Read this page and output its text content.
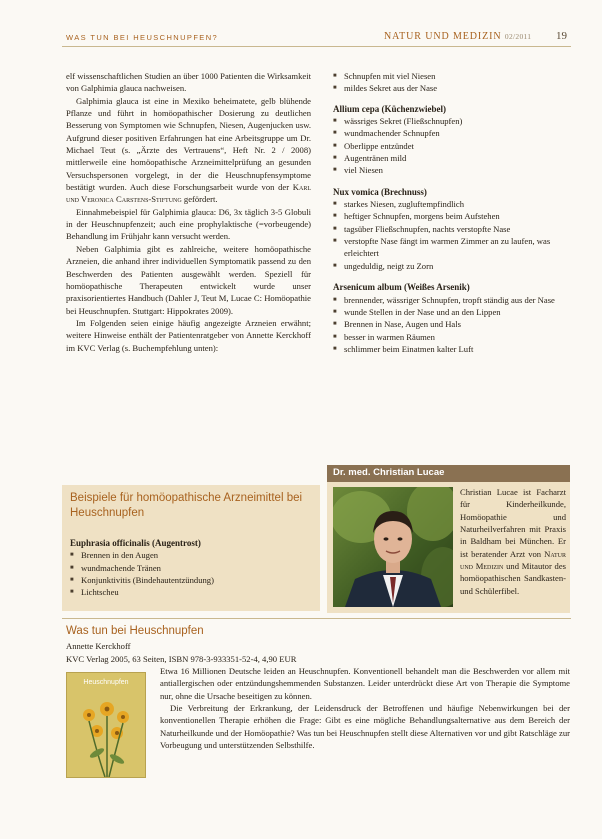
WAS TUN BEI HEUSCHNUPFEN?	NATUR UND MEDIZIN 02/2011 19

elf wissenschaftlichen Studien an über 1000 Patienten die Wirksamkeit von Galphimia glauca nachweisen.

Galphimia glauca ist eine in Mexiko beheimatete, gelb blühende Pflanze und führt in homöopathischer Dosierung zu deutlichen Besserung von Symptomen wie Schnupfen, Niesen, Augenjucken usw. Aufgrund dieser positiven Erfahrungen hat eine Arbeitsgruppe um Dr. Michael Teut (s. „Ärzte des Vertrauens“, Heft Nr. 2 / 2008) mittlerweile eine homöopathische Arzneimittelprüfung an gesunden Versuchspersonen vorgelegt, in der die Heuschnupfensymptome bestätigt wurden. Auch diese Forschungsarbeit wurde von der Karl und Veronica Carstens-Stiftung gefördert.

Einnahmebeispiel für Galphimia glauca: D6, 3x täglich 3-5 Globuli in der Heuschnupfenzeit; auch eine prophylaktische (=vorbeugende) Behandlung im Frühjahr kann versucht werden.

Neben Galphimia gibt es zahlreiche, weitere homöopathische Arzneien, die anhand ihrer individuellen Symptomatik passend zu den Beschwerden des Patienten ausgewählt werden. Speziell für homöopathische Therapeuten entwickelt wurde unser praxisorientiertes Handbuch (Dahler J, Teut M, Lucae C: Homöopathie bei Heuschnupfen. Stuttgart: Hippokrates 2009).

Im Folgenden seien einige häufig angezeigte Arzneien erwähnt; weitere Hinweise enthält der Patientenratgeber von Annette Kerckhoff im KVC Verlag (s. Buchempfehlung unten):

Beispiele für homöopathische Arzneimittel bei Heuschnupfen
Euphrasia officinalis (Augentrost)
■ Brennen in den Augen
■ wundmachende Tränen
■ Konjunktivitis (Bindehautentzündung)
■ Lichtscheu
■ Schnupfen mit viel Niesen
■ mildes Sekret aus der Nase
Allium cepa (Küchenzwiebel)
■ wässriges Sekret (Fließschnupfen)
■ wundmachender Schnupfen
■ Oberlippe entzündet
■ Augentränen mild
■ viel Niesen
Nux vomica (Brechnuss)
■ starkes Niesen, zugluftempfindlich
■ heftiger Schnupfen, morgens beim Aufstehen
■ tagsüber Fließschnupfen, nachts verstopfte Nase
■ verstopfte Nase fängt im warmen Zimmer an zu laufen, was erleichtert
■ ungeduldig, neigt zu Zorn
Arsenicum album (Weißes Arsenik)
■ brennender, wässriger Schnupfen, tropft ständig aus der Nase
■ wunde Stellen in der Nase und an den Lippen
■ Brennen in Nase, Augen und Hals
■ besser in warmen Räumen
■ schlimmer beim Einatmen kalter Luft
Dr. med. Christian Lucae
Christian Lucae ist Facharzt für Kinderheilkunde, Homöopathie und Naturheilverfahren mit Praxis in Baldham bei München. Er ist beratender Arzt von Natur und Medizin und Mitautor des homöopathischen Sandkasten- und Schülerfibel.
Was tun bei Heuschnupfen
Annette Kerckhoff
KVC Verlag 2005, 63 Seiten, ISBN 978-3-933351-52-4, 4,90 EUR
Heuschnupfen

Etwa 16 Millionen Deutsche leiden an Heuschnupfen. Konventionell behandelt man die Beschwerden vor allem mit antiallergischen oder entzündungshemmenden Substanzen. Leider unterdrückt diese Art von Therapie die Symptome nur, ohne die Ursache beseitigen zu können.

Die Verbreitung der Erkrankung, der Leidensdruck der Betroffenen und häufige Nebenwirkungen bei der konventionellen Therapie erhöhen die Frage: Gibt es eine mögliche Behandlungsalternative aus dem Bereich der Naturheilkunde und der Homöopathie? Was tun bei Heuschnupfen stellt diese Alternativen vor und gibt Ratschläge zur Vorbeugung und unterstützenden Selbsthilfe.
